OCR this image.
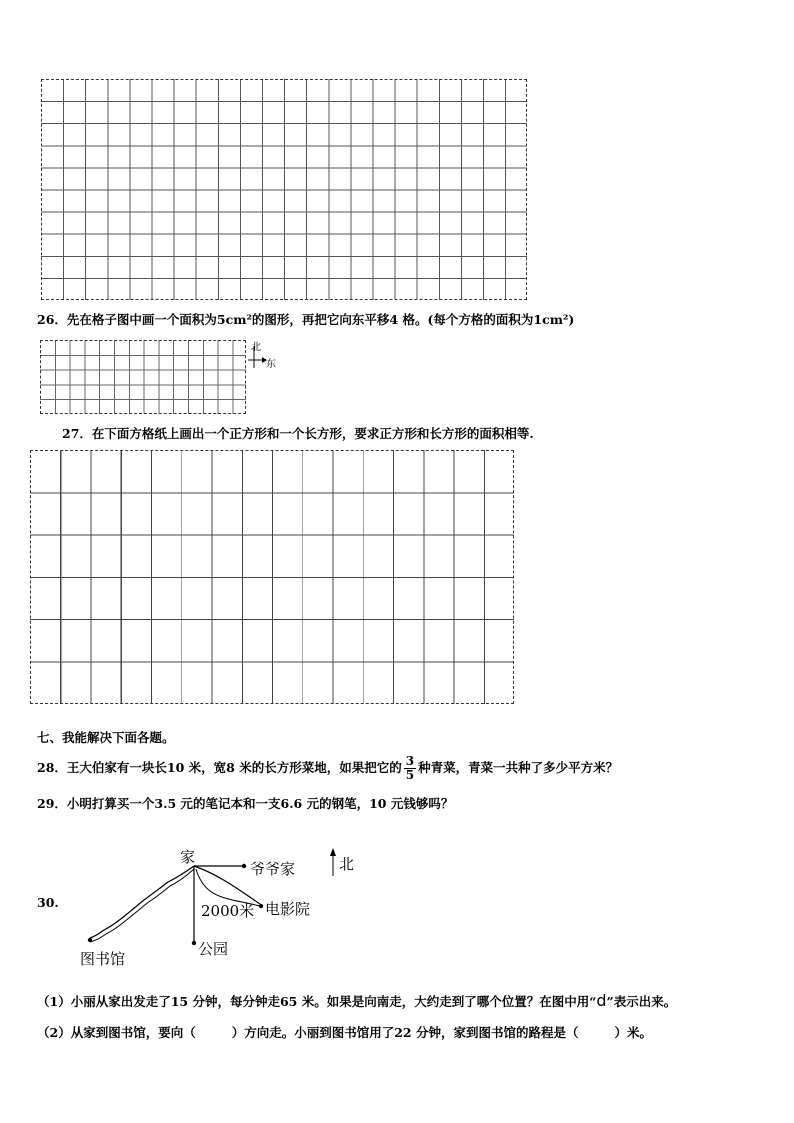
26．先在格子图中画一个面积为5cm²的图形，再把它向东平移4 格。(每个方格的面积为1cm²)
北
东
27．在下面方格纸上画出一个正方形和一个长方形，要求正方形和长方形的面积相等.
七、我能解决下面各题。
28．王大伯家有一块长10 米，宽8 米的长方形菜地，如果把它的 $\frac{3}{5}$ 种青菜，青菜一共种了多少平方米？
29．小明打算买一个3.5 元的笔记本和一支6.6 元的钢笔，10 元钱够吗？
30.
家
爷爷家
电影院
2000米
公园
图书馆
北
（1）小丽从家出发走了15 分钟，每分钟走65 米。如果是向南走，大约走到了哪个位置？在图中用“d”表示出来。
（2）从家到图书馆，要向（	）方向走。小丽到图书馆用了22 分钟，家到图书馆的路程是（	）米。
